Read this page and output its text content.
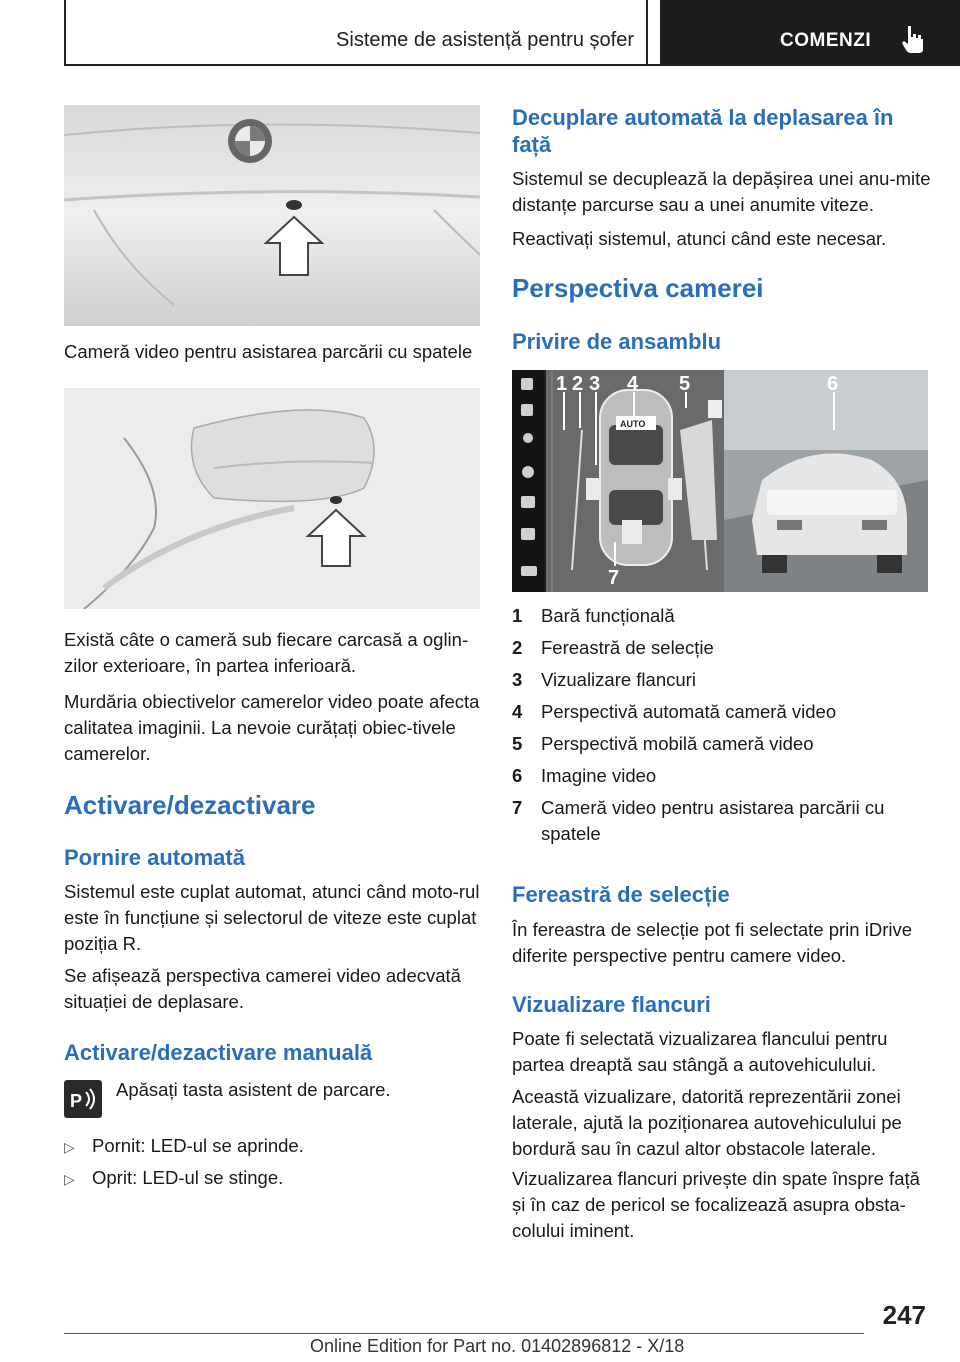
Sisteme de asistență pentru șofer	COMENZI
Cameră video pentru asistarea parcării cu spatele
Există câte o cameră sub fiecare carcasă a oglin-zilor exterioare, în partea inferioară.
Murdăria obiectivelor camerelor video poate afecta calitatea imaginii. La nevoie curățați obiec-tivele camerelor.
Activare/dezactivare
Pornire automată
Sistemul este cuplat automat, atunci când moto-rul este în funcțiune și selectorul de viteze este cuplat poziția R.
Se afișează perspectiva camerei video adecvată situației de deplasare.
Activare/dezactivare manuală
P
Apăsați tasta asistent de parcare.
▷ Pornit: LED-ul se aprinde.
▷ Oprit: LED-ul se stinge.
Decuplare automată la deplasarea în față
Sistemul se decuplează la depășirea unei anu-mite distanțe parcurse sau a unei anumite viteze.
Reactivați sistemul, atunci când este necesar.
Perspectiva camerei
Privire de ansamblu
AUTO
1 2 3 4 5	6
7
1	Bară funcțională
2	Fereastră de selecție
3	Vizualizare flancuri
4	Perspectivă automată cameră video
5	Perspectivă mobilă cameră video
6	Imagine video
7	Cameră video pentru asistarea parcării cu spatele
Fereastră de selecție
În fereastra de selecție pot fi selectate prin iDrive diferite perspective pentru camere video.
Vizualizare flancuri
Poate fi selectată vizualizarea flancului pentru partea dreaptă sau stângă a autovehiculului.
Această vizualizare, datorită reprezentării zonei laterale, ajută la poziționarea autovehiculului pe bordură sau în cazul altor obstacole laterale.
Vizualizarea flancuri privește din spate înspre față și în caz de pericol se focalizează asupra obsta-colului iminent.
247
Online Edition for Part no. 01402896812 - X/18
